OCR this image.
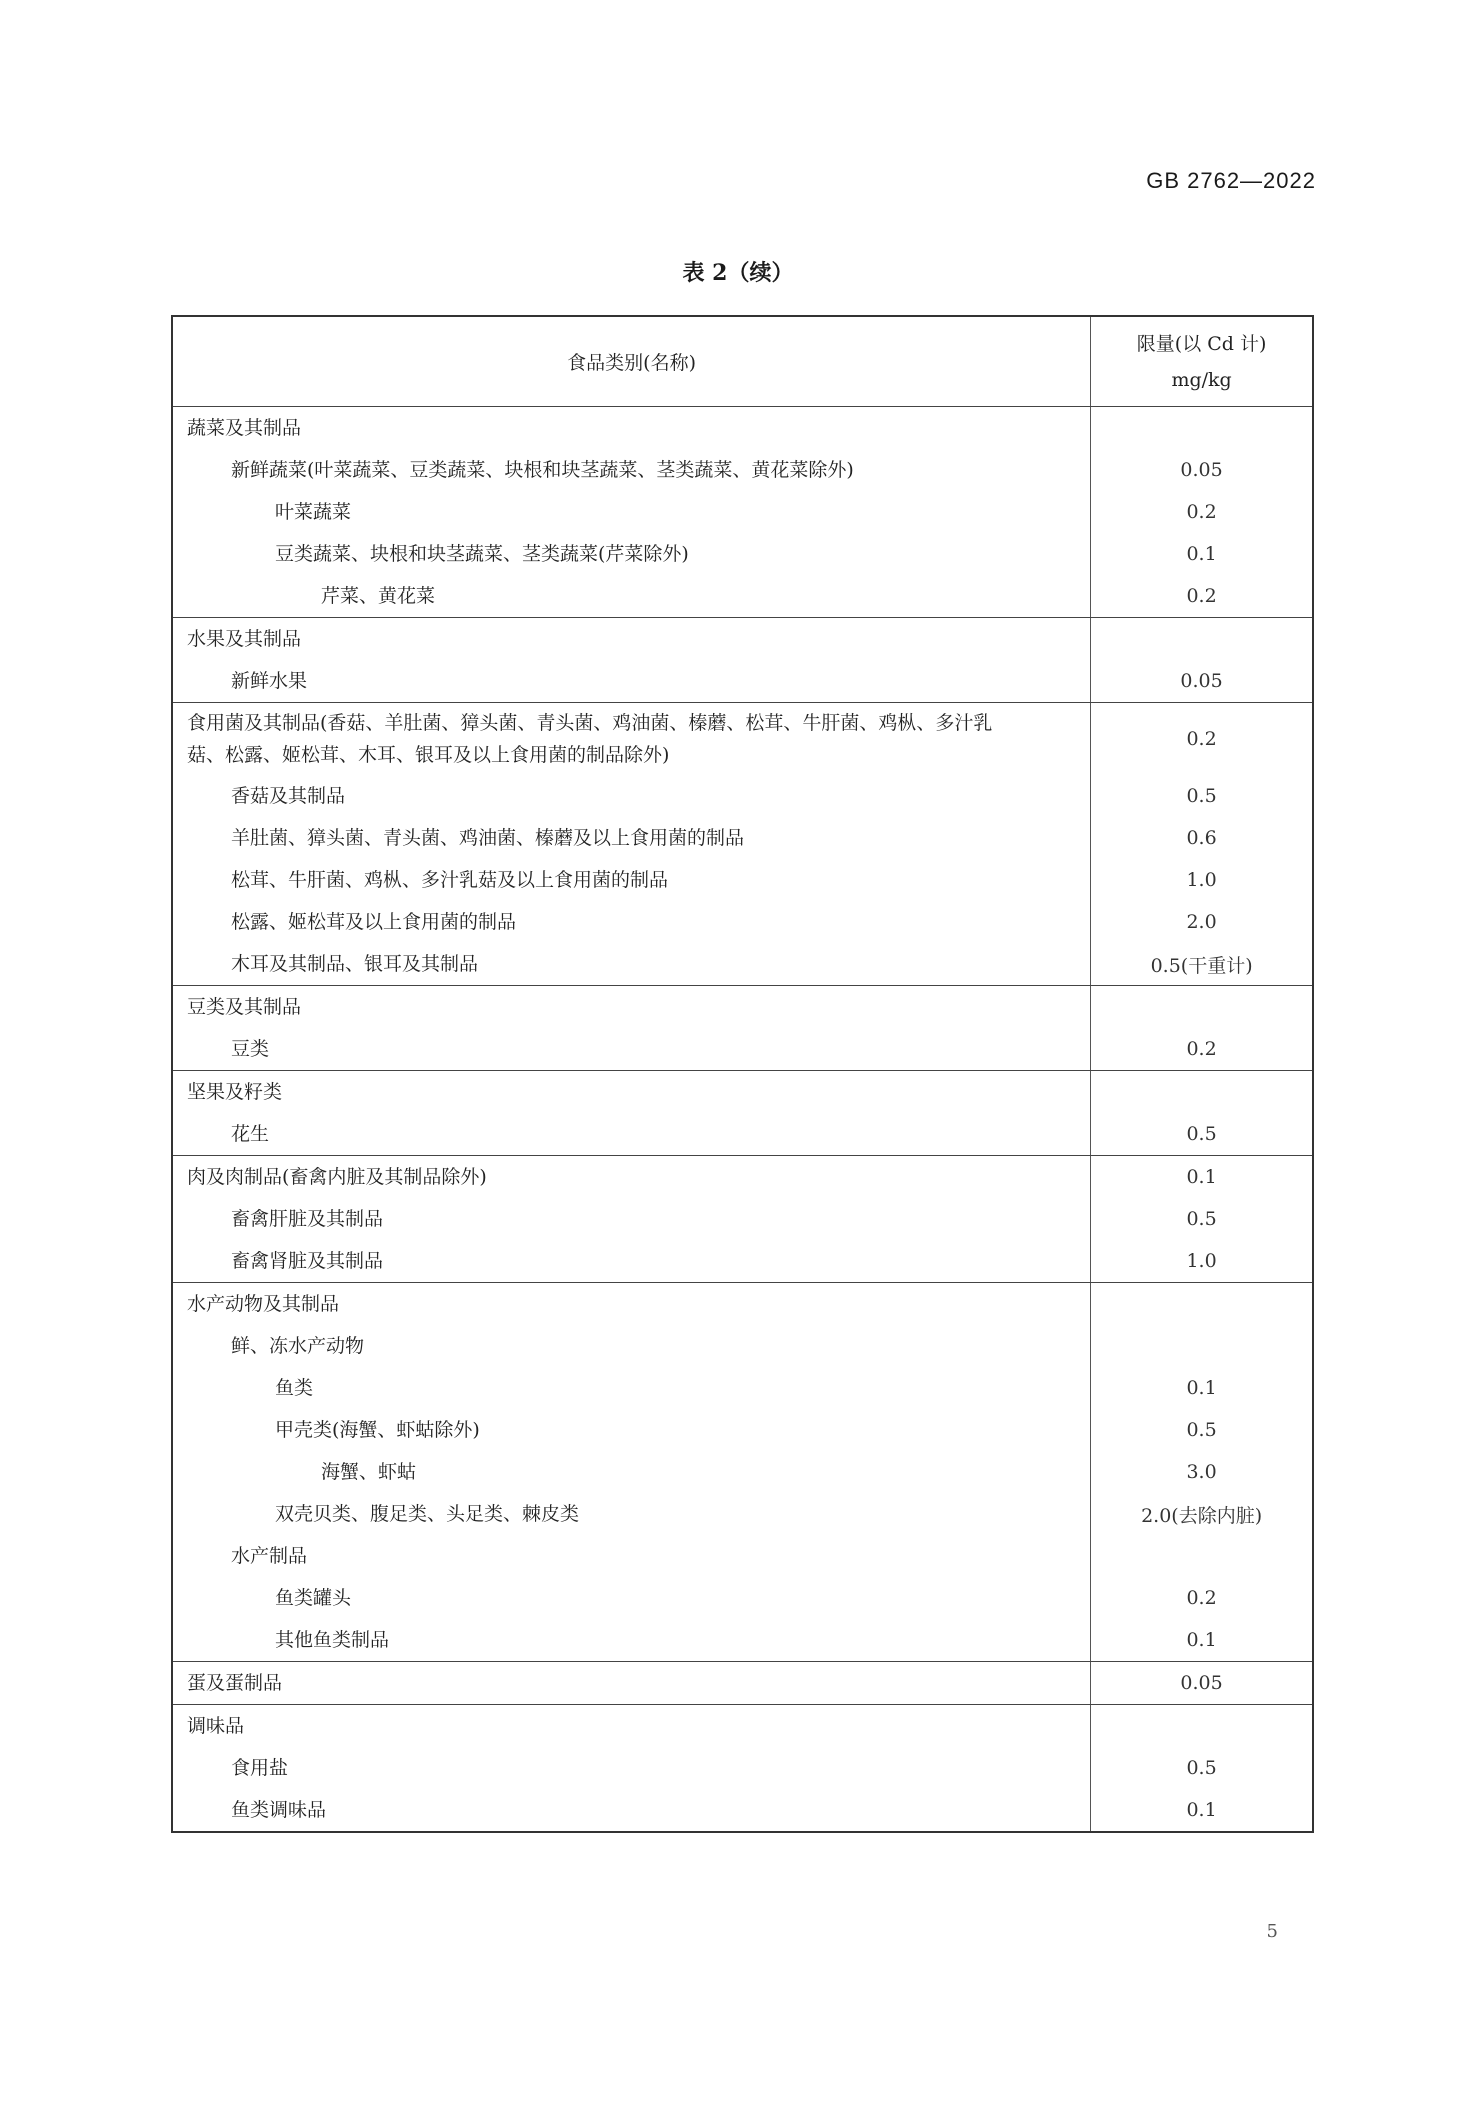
GB 2762—2022
表 2（续）
食品类别(名称)	限量(以 Cd 计)
mg/kg

蔬菜及其制品	
新鲜蔬菜(叶菜蔬菜、豆类蔬菜、块根和块茎蔬菜、茎类蔬菜、黄花菜除外)	0.05
叶菜蔬菜	0.2
豆类蔬菜、块根和块茎蔬菜、茎类蔬菜(芹菜除外)	0.1
芹菜、黄花菜	0.2
水果及其制品	
新鲜水果	0.05
食用菌及其制品(香菇、羊肚菌、獐头菌、青头菌、鸡油菌、榛蘑、松茸、牛肝菌、鸡枞、多汁乳
菇、松露、姬松茸、木耳、银耳及以上食用菌的制品除外)	0.2
香菇及其制品	0.5
羊肚菌、獐头菌、青头菌、鸡油菌、榛蘑及以上食用菌的制品	0.6
松茸、牛肝菌、鸡枞、多汁乳菇及以上食用菌的制品	1.0
松露、姬松茸及以上食用菌的制品	2.0
木耳及其制品、银耳及其制品	0.5(干重计)
豆类及其制品	
豆类	0.2
坚果及籽类	
花生	0.5
肉及肉制品(畜禽内脏及其制品除外)	0.1
畜禽肝脏及其制品	0.5
畜禽肾脏及其制品	1.0
水产动物及其制品	
鲜、冻水产动物	
鱼类	0.1
甲壳类(海蟹、虾蛄除外)	0.5
海蟹、虾蛄	3.0
双壳贝类、腹足类、头足类、棘皮类	2.0(去除内脏)
水产制品	
鱼类罐头	0.2
其他鱼类制品	0.1
蛋及蛋制品	0.05
调味品	
食用盐	0.5
鱼类调味品	0.1
5
